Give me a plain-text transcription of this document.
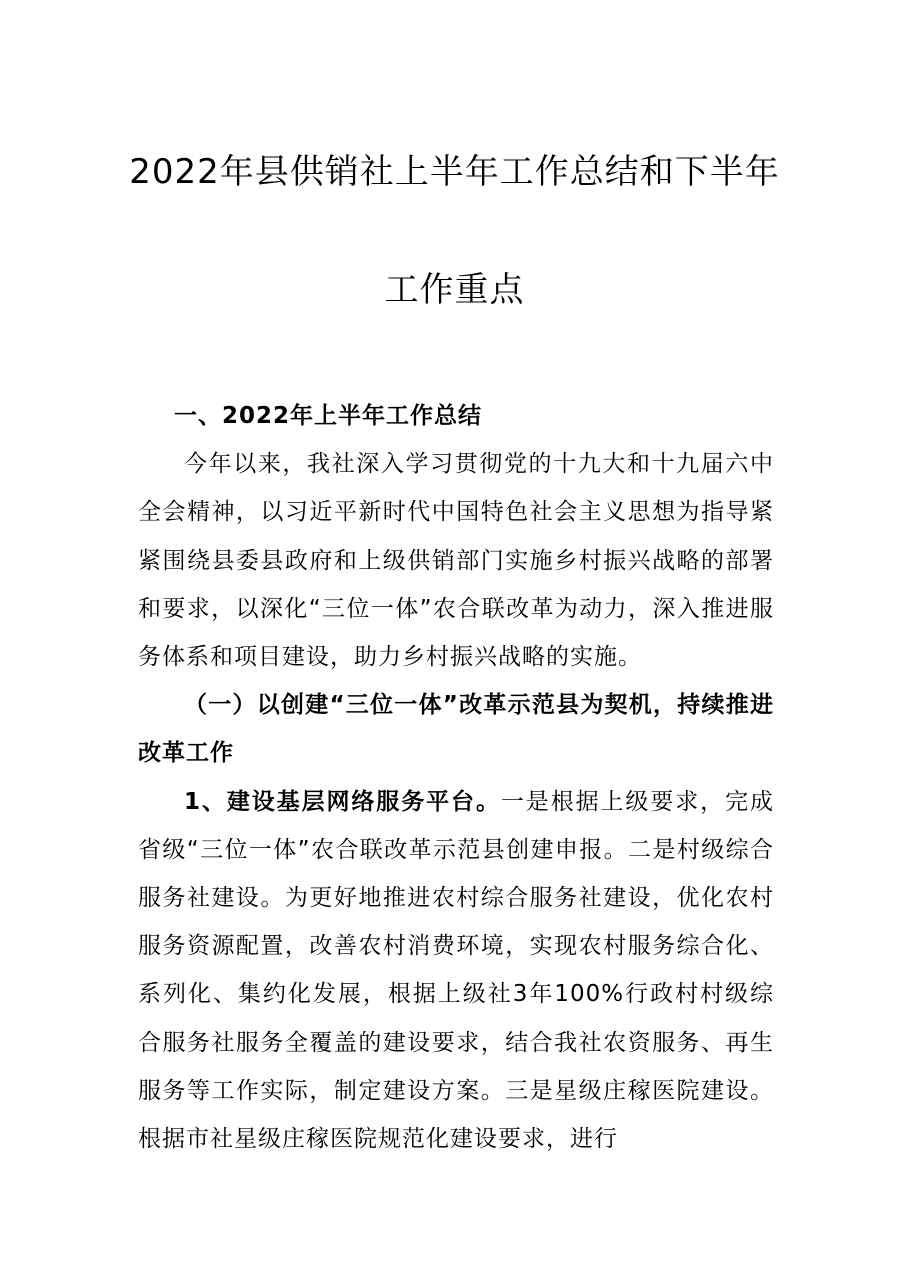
2022年县供销社上半年工作总结和下半年
工作重点

一、2022年上半年工作总结

今年以来，我社深入学习贯彻党的十九大和十九届六中全会精神，以习近平新时代中国特色社会主义思想为指导紧紧围绕县委县政府和上级供销部门实施乡村振兴战略的部署和要求，以深化“三位一体”农合联改革为动力，深入推进服务体系和项目建设，助力乡村振兴战略的实施。

（一）以创建“三位一体”改革示范县为契机，持续推进改革工作

1、建设基层网络服务平台。一是根据上级要求，完成省级“三位一体”农合联改革示范县创建申报。二是村级综合服务社建设。为更好地推进农村综合服务社建设，优化农村服务资源配置，改善农村消费环境，实现农村服务综合化、系列化、集约化发展，根据上级社3年100%行政村村级综合服务社服务全覆盖的建设要求，结合我社农资服务、再生服务等工作实际，制定建设方案。三是星级庄稼医院建设。根据市社星级庄稼医院规范化建设要求，进行
